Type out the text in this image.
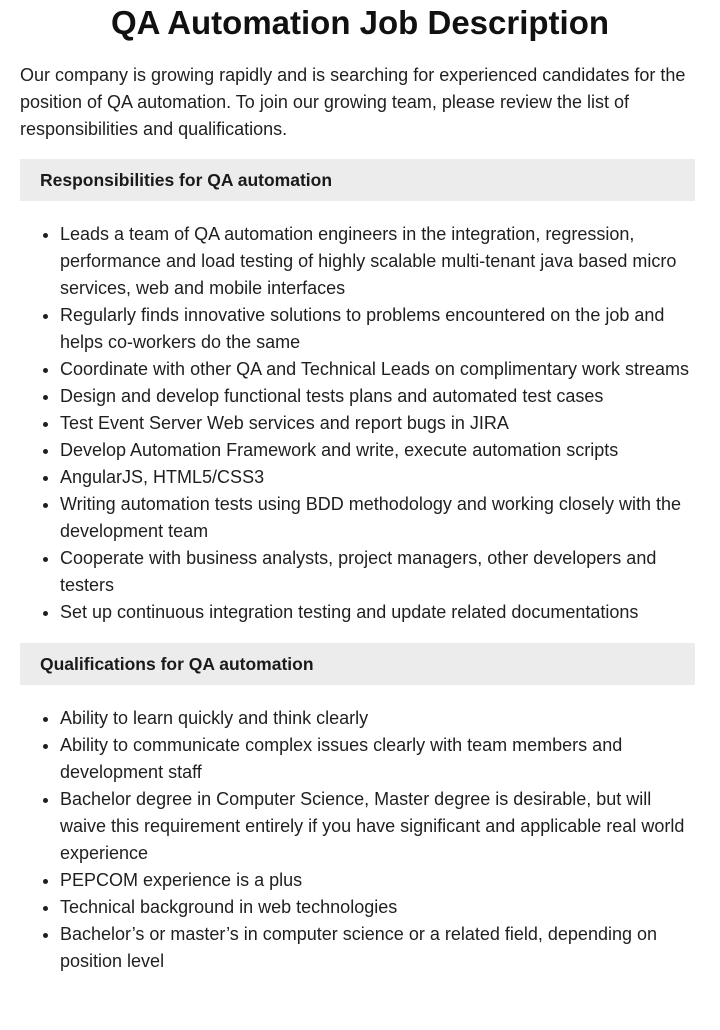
QA Automation Job Description

Our company is growing rapidly and is searching for experienced candidates for the position of QA automation. To join our growing team, please review the list of responsibilities and qualifications.

Responsibilities for QA automation
• Leads a team of QA automation engineers in the integration, regression, performance and load testing of highly scalable multi-tenant java based micro services, web and mobile interfaces
• Regularly finds innovative solutions to problems encountered on the job and helps co-workers do the same
• Coordinate with other QA and Technical Leads on complimentary work streams
• Design and develop functional tests plans and automated test cases
• Test Event Server Web services and report bugs in JIRA
• Develop Automation Framework and write, execute automation scripts
• AngularJS, HTML5/CSS3
• Writing automation tests using BDD methodology and working closely with the development team
• Cooperate with business analysts, project managers, other developers and testers
• Set up continuous integration testing and update related documentations
Qualifications for QA automation
• Ability to learn quickly and think clearly
• Ability to communicate complex issues clearly with team members and development staff
• Bachelor degree in Computer Science, Master degree is desirable, but will waive this requirement entirely if you have significant and applicable real world experience
• PEPCOM experience is a plus
• Technical background in web technologies
• Bachelor’s or master’s in computer science or a related field, depending on position level
